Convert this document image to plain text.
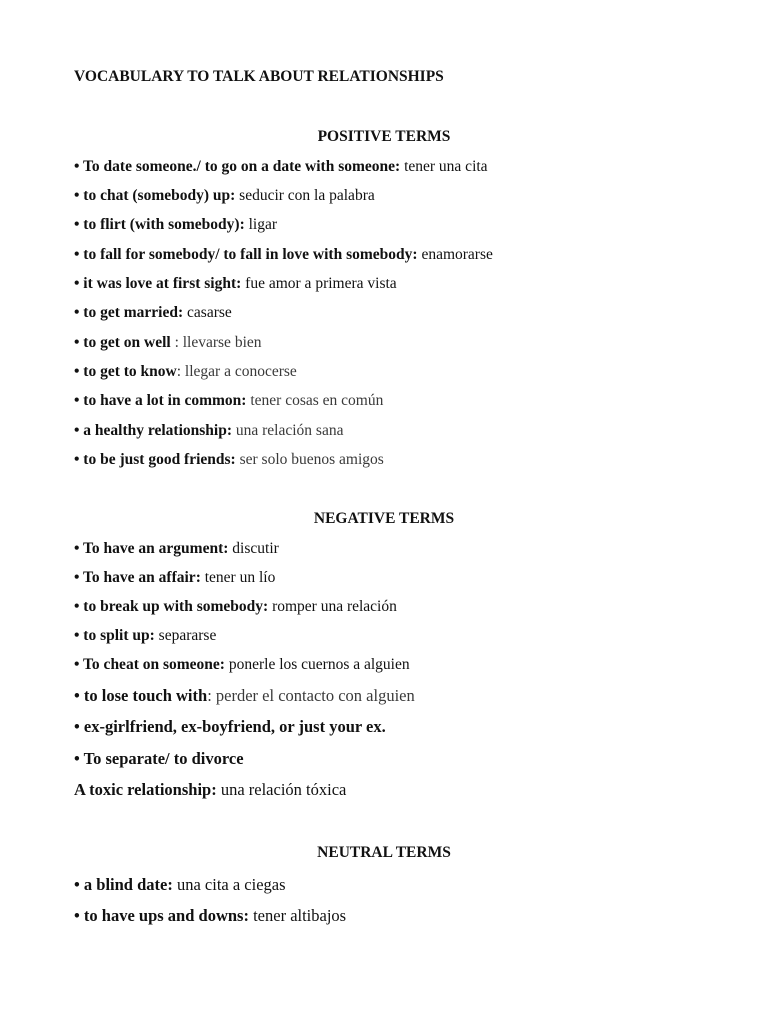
VOCABULARY TO TALK ABOUT RELATIONSHIPS
POSITIVE TERMS
• To date someone./ to go on a date with someone: tener una cita
• to chat (somebody) up: seducir con la palabra
• to flirt (with somebody): ligar
• to fall for somebody/ to fall in love with somebody: enamorarse
• it was love at first sight: fue amor a primera vista
• to get married: casarse
• to get on well : llevarse bien
• to get to know: llegar a conocerse
• to have a lot in common: tener cosas en común
• a healthy relationship: una relación sana
• to be just good friends: ser solo buenos amigos
NEGATIVE TERMS
• To have an argument: discutir
• To have an affair: tener un lío
• to break up with somebody: romper una relación
• to split up: separarse
• To cheat on someone: ponerle los cuernos a alguien
• to lose touch with: perder el contacto con alguien
• ex-girlfriend, ex-boyfriend, or just your ex.
• To separate/ to divorce
A toxic relationship: una relación tóxica
NEUTRAL TERMS
• a blind date: una cita a ciegas
• to have ups and downs: tener altibajos
